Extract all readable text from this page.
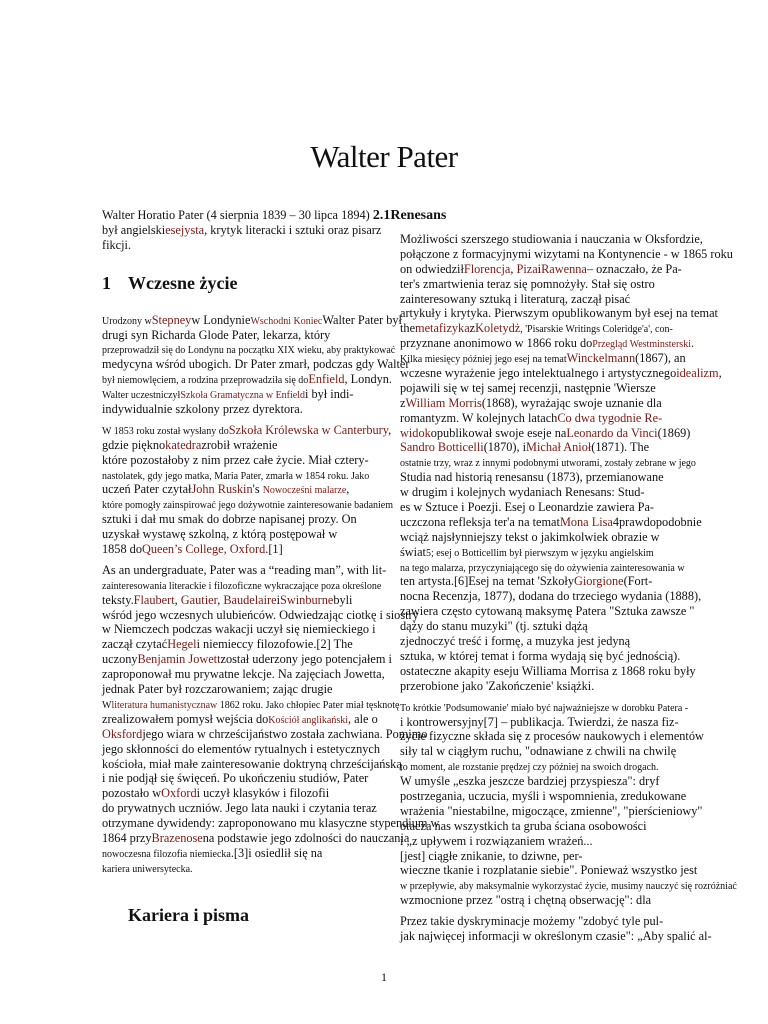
Walter Pater
Walter Horatio Pater (4 sierpnia 1839 – 30 lipca 1894) 2.1Renesans
był angielskiesejysta, krytyk literacki i sztuki oraz pisarz
fikcji.
1 Wczesne życie
Urodzony wStepneyw LondynieWschodni KoniecWalter Pater był
drugi syn Richarda Glode Pater, lekarza, który
przeprowadził się do Londynu na początku XIX wieku, aby praktykować
medycyna wśród ubogich. Dr Pater zmarł, podczas gdy Walter
był niemowlęciem, a rodzina przeprowadziła się doEnfield, Londyn.
Walter uczestniczyłSzkoła Gramatyczna w Enfieldi był indi-
indywidualnie szkolony przez dyrektora.
W 1853 roku został wysłany doSzkoła Królewska w Canterbury,
gdzie pięknokatedrazrobił wrażenie
które pozostałoby z nim przez całe życie. Miał cztery-
nastolatek, gdy jego matka, Maria Pater, zmarła w 1854 roku. Jako
uczeń Pater czytałJohn Ruskin's Nowocześni malarze,
które pomogły zainspirować jego dożywotnie zainteresowanie badaniem
sztuki i dał mu smak do dobrze napisanej prozy. On
uzyskał wystawę szkolną, z którą postępował w
1858 doQueen’s College, Oxford.[1]
As an undergraduate, Pater was a “reading man”, with lit-
zainteresowania literackie i filozoficzne wykraczające poza określone
teksty.Flaubert, Gautier, BaudelaireiSwinburnebyli
wśród jego wczesnych ulubieńców. Odwiedzając ciotkę i siostry
w Niemczech podczas wakacji uczył się niemieckiego i
zaczął czytaćHegeli niemieccy filozofowie.[2] The
uczonyBenjamin Jowettzostał uderzony jego potencjałem i
zaproponował mu prywatne lekcje. Na zajęciach Jowetta,
jednak Pater był rozczarowaniem; zając drugie
Wliteratura humanistycznaw 1862 roku. Jako chłopiec Pater miał tęsknotę
zrealizowałem pomysł wejścia doKościół anglikański, ale o
Oksfordjego wiara w chrześcijaństwo została zachwiana. Pomimo
jego skłonności do elementów rytualnych i estetycznych
kościoła, miał małe zainteresowanie doktryną chrześcijańską
i nie podjął się święceń. Po ukończeniu studiów, Pater
pozostało wOxfordi uczył klasyków i filozofii
do prywatnych uczniów. Jego lata nauki i czytania teraz
otrzymane dywidendy: zaproponowano mu klasyczne stypendium w
1864 przyBrazenosena podstawie jego zdolności do nauczania
nowoczesna filozofia niemiecka.[3]i osiedlił się na
kariera uniwersytecka.
Kariera i pisma
Możliwości szerszego studiowania i nauczania w Oksfordzie,
połączone z formacyjnymi wizytami na Kontynencie - w 1865 roku
on odwiedziłFlorencja, PizaiRawenna– oznaczało, że Pa-
ter's zmartwienia teraz się pomnożyły. Stał się ostro
zainteresowany sztuką i literaturą, zaczął pisać
artykuły i krytyka. Pierwszym opublikowanym był esej na temat
themetafizykazKoletydż, 'Pisarskie Writings Coleridge'a', con-
przyznane anonimowo w 1866 roku doPrzegląd Westminsterski.
Kilka miesięcy później jego esej na tematWinckelmann(1867), an
wczesne wyrażenie jego intelektualnego i artystycznegoidealizm,
pojawili się w tej samej recenzji, następnie 'Wiersze
zWilliam Morris(1868), wyrażając swoje uznanie dla
romantyzm. W kolejnych latachCo dwa tygodnie Re-
widokopublikował swoje eseje naLeonardo da Vinci(1869)
Sandro Botticelli(1870), iMichał Anioł(1871). The
ostatnie trzy, wraz z innymi podobnymi utworami, zostały zebrane w jego
Studia nad historią renesansu (1873), przemianowane
w drugim i kolejnych wydaniach Renesans: Stud-
es w Sztuce i Poezji. Esej o Leonardzie zawiera Pa-
uczczona refleksja ter'a na tematMona Lisa4prawdopodobnie
wciąż najsłynniejszy tekst o jakimkolwiek obrazie w
świat5; esej o Botticellim był pierwszym w języku angielskim
na tego malarza, przyczyniającego się do ożywienia zainteresowania w
ten artysta.[6]Esej na temat 'SzkołyGiorgione(Fort-
nocna Recenzja, 1877), dodana do trzeciego wydania (1888),
zawiera często cytowaną maksymę Patera "Sztuka zawsze "
dąży do stanu muzyki" (tj. sztuki dążą
zjednoczyć treść i formę, a muzyka jest jedyną
sztuka, w której temat i forma wydają się być jednością).
ostateczne akapity eseju Williama Morrisa z 1868 roku były
przerobione jako 'Zakończenie' książki.
To krótkie 'Podsumowanie' miało być najważniejsze w dorobku Patera -
i kontrowersyjny[7] – publikacja. Twierdzi, że nasza fiz-
życie fizyczne składa się z procesów naukowych i elementów
siły tal w ciągłym ruchu, "odnawiane z chwili na chwilę
to moment, ale rozstanie prędzej czy później na swoich drogach.
W umyśle „eszka jeszcze bardziej przyspiesza": dryf
postrzegania, uczucia, myśli i wspomnienia, zredukowane
wrażenia "niestabilne, migoczące, zmienne", "pierścieniowy"
otacza nas wszystkich ta gruba ściana osobowości
i „z upływem i rozwiązaniem wrażeń...
[jest] ciągłe znikanie, to dziwne, per-
wieczne tkanie i rozplatanie siebie". Ponieważ wszystko jest
w przepływie, aby maksymalnie wykorzystać życie, musimy nauczyć się rozróżniać
wzmocnione przez "ostrą i chętną obserwację": dla
Przez takie dyskryminacje możemy "zdobyć tyle pul-
jak najwięcej informacji w określonym czasie": „Aby spalić al-
1
